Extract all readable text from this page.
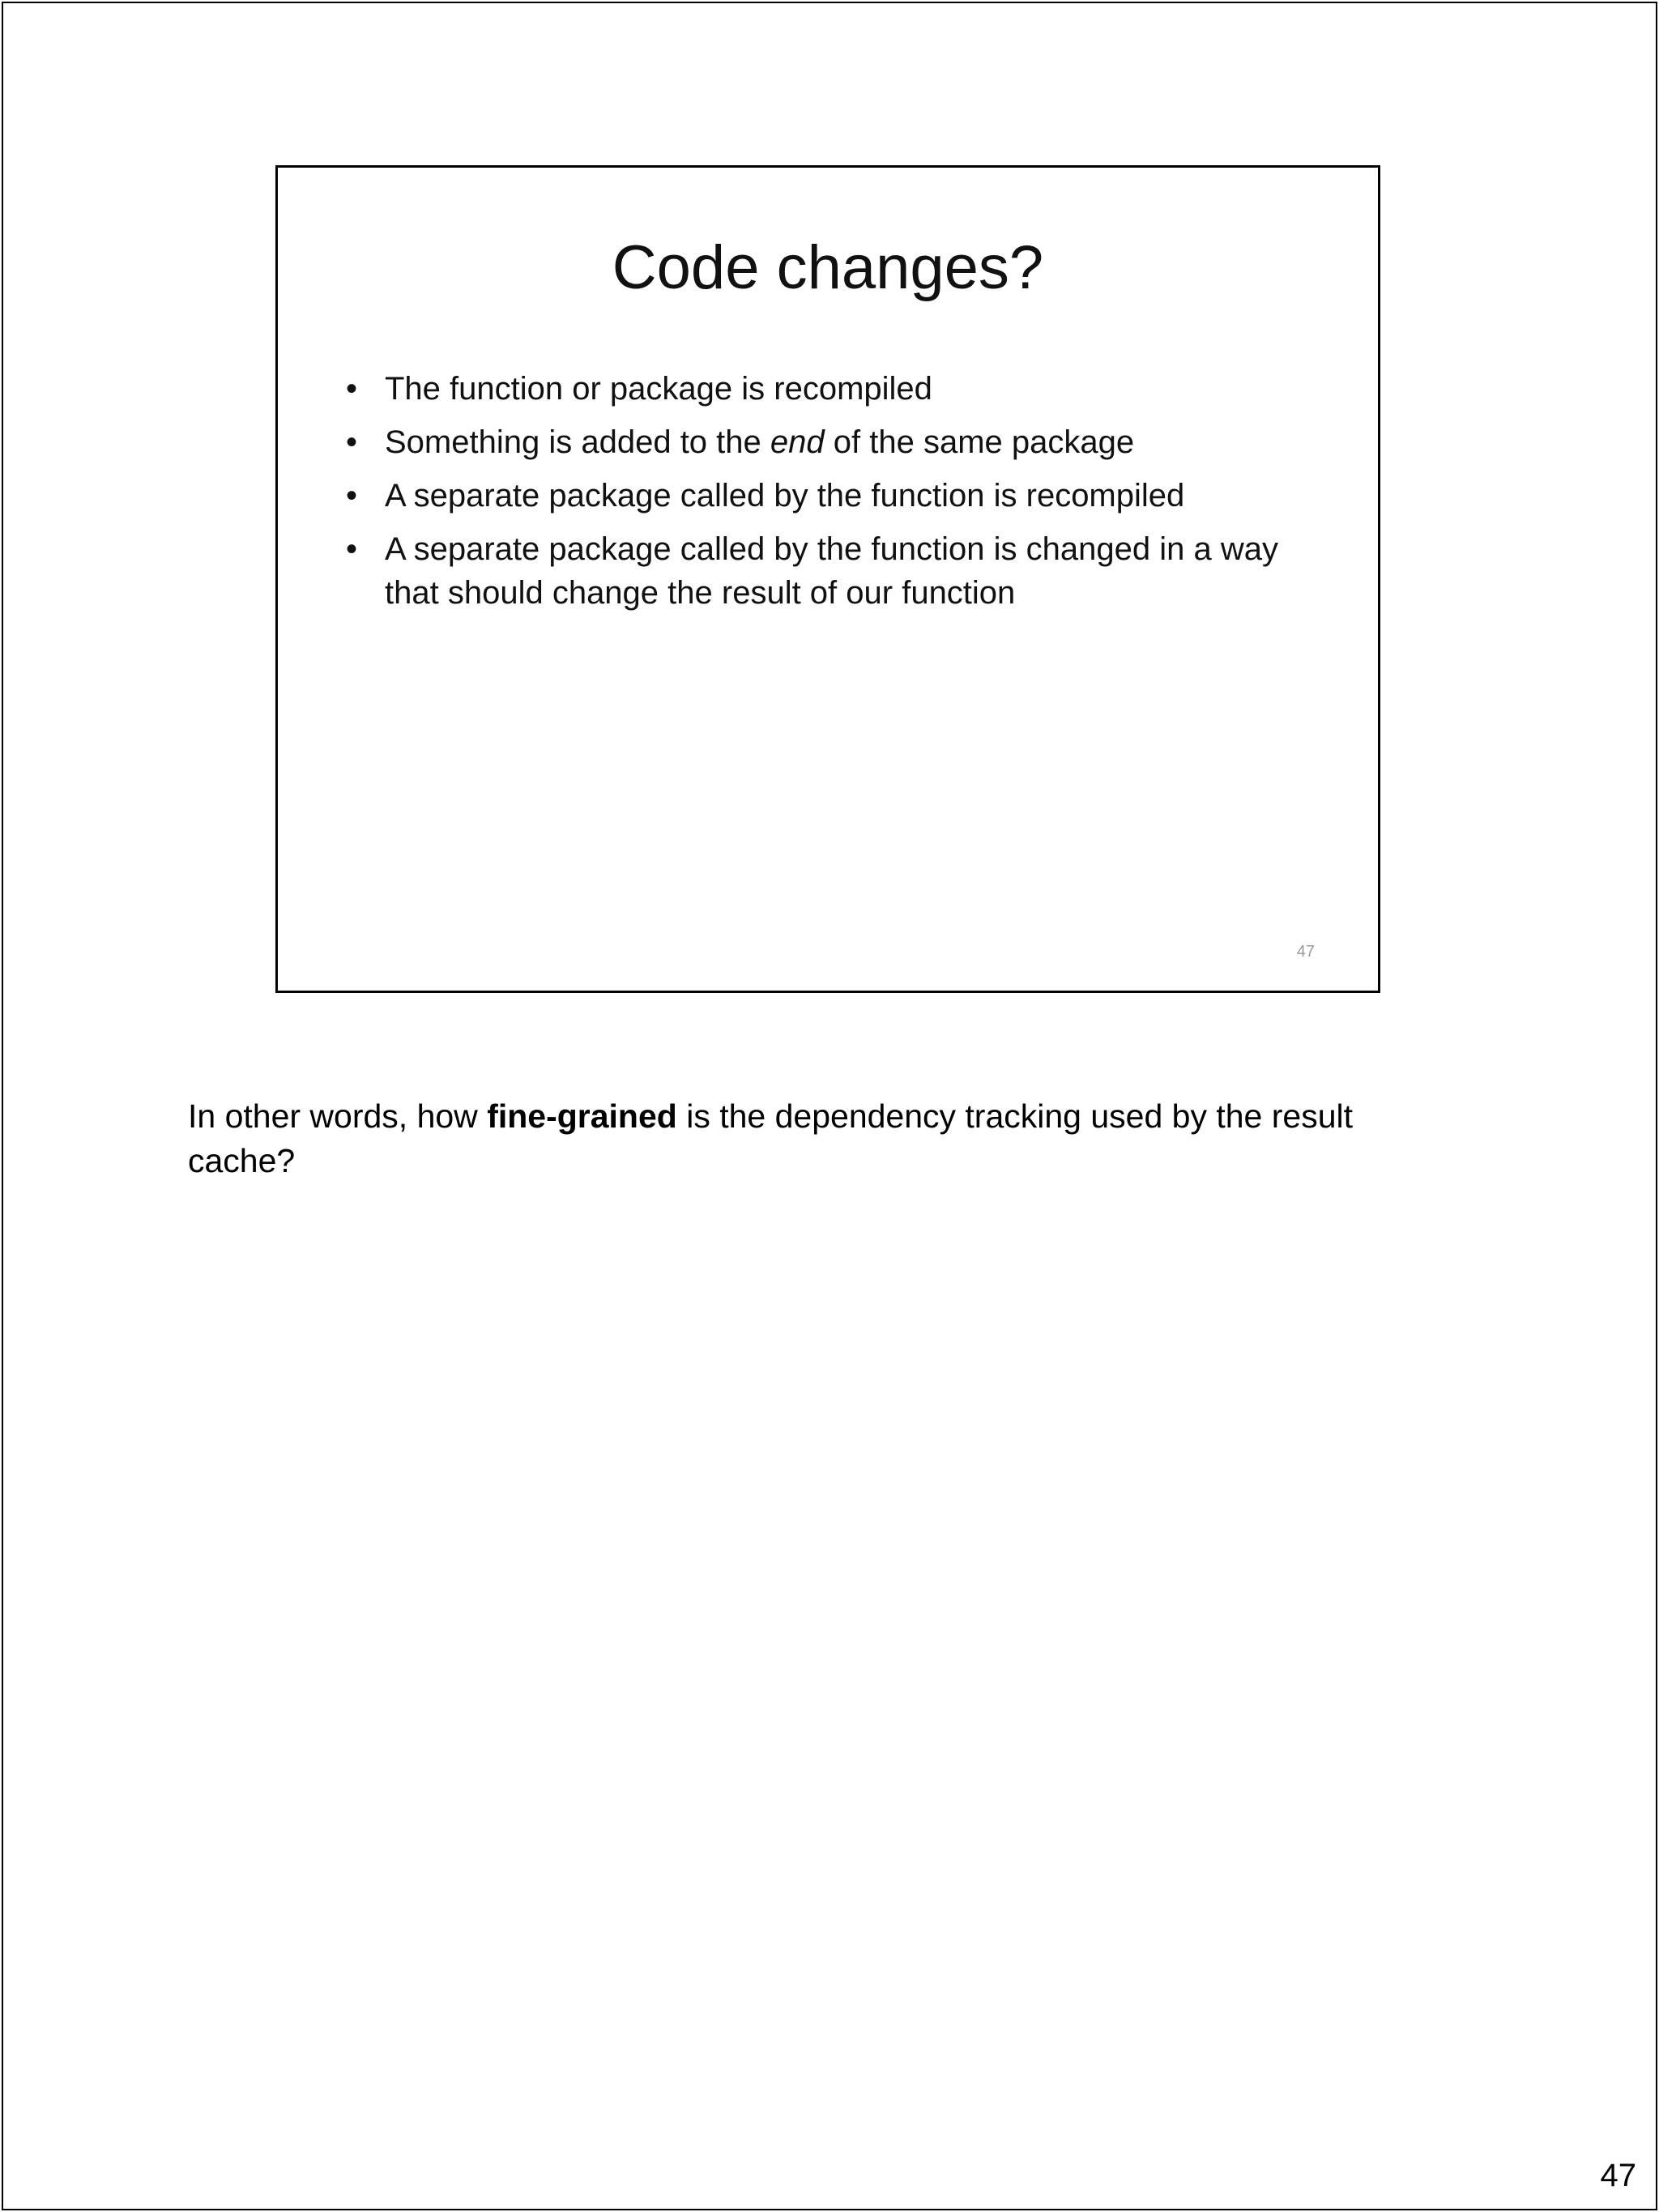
Code changes?
• The function or package is recompiled
• Something is added to the end of the same package
• A separate package called by the function is recompiled
• A separate package called by the function is changed in a way that should change the result of our function
47

In other words, how fine-grained is the dependency tracking used by the result cache?

47
